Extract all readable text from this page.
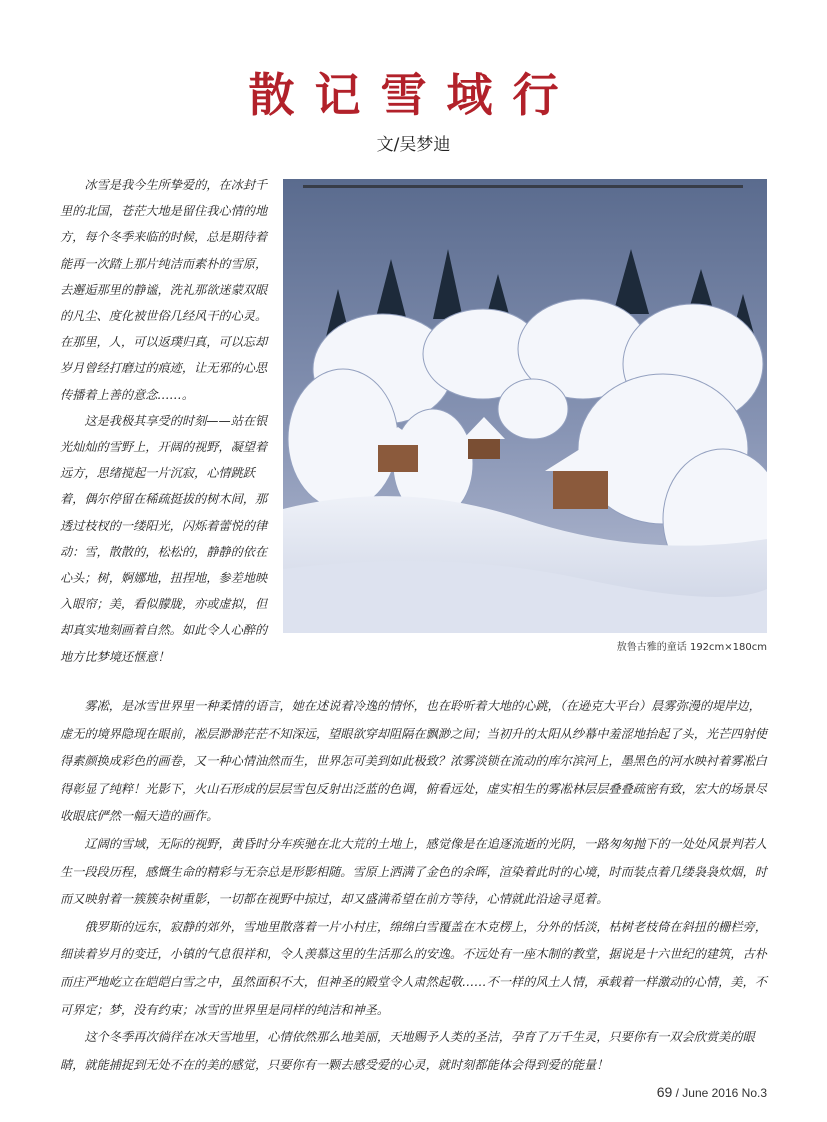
散记雪域行
文/吴梦迪

冰雪是我今生所挚爱的，在冰封千里的北国，苍茫大地是留住我心情的地方，每个冬季来临的时候，总是期待着能再一次踏上那片纯洁而素朴的雪原，去邂逅那里的静谧，洗礼那欲迷蒙双眼的凡尘、度化被世俗几经风干的心灵。在那里，人，可以返璞归真，可以忘却岁月曾经打磨过的痕迹，让无邪的心思传播着上善的意念……。

这是我极其享受的时刻——站在银光灿灿的雪野上，开阔的视野，凝望着远方，思绪搅起一片沉寂，心情跳跃着，偶尔停留在稀疏挺拔的树木间，那透过枝杈的一缕阳光，闪烁着蕾悦的律动：雪，散散的，松松的，静静的依在心头；树，婀娜地，扭捏地，参差地映入眼帘；美，看似朦胧，亦或虚拟，但却真实地刻画着自然。如此令人心醉的地方比梦境还惬意！

敖鲁古雅的童话 192cm×180cm

雾凇，是冰雪世界里一种柔情的语言，她在述说着冷逸的情怀，也在聆听着大地的心跳，（在逊克大平台）晨雾弥漫的堤岸边，虚无的境界隐现在眼前，凇层渺渺茫茫不知深远，望眼欲穿却阻隔在飘渺之间；当初升的太阳从纱幕中羞涩地抬起了头，光芒四射使得素颜换成彩色的画卷，又一种心情油然而生，世界怎可美到如此极致？浓雾淡锁在流动的库尔滨河上，墨黑色的河水映衬着雾凇白得彰显了纯粹！光影下，火山石形成的层层雪包反射出泛蓝的色调，俯看远处，虚实相生的雾凇林层层叠叠疏密有致，宏大的场景尽收眼底俨然一幅天造的画作。

辽阔的雪域，无际的视野，黄昏时分车疾驰在北大荒的土地上，感觉像是在追逐流逝的光阴，一路匆匆抛下的一处处风景判若人生一段段历程，感慨生命的精彩与无奈总是形影相随。雪原上洒满了金色的余晖，渲染着此时的心境，时而装点着几缕袅袅炊烟，时而又映射着一簇簇杂树重影，一切都在视野中掠过，却又盛满希望在前方等待，心情就此沿途寻觅着。

俄罗斯的远东，寂静的郊外，雪地里散落着一片小村庄，绵绵白雪覆盖在木克楞上，分外的恬淡，枯树老枝倚在斜扭的栅栏旁，细读着岁月的变迁，小镇的气息很祥和，令人羡慕这里的生活那么的安逸。不远处有一座木制的教堂，据说是十六世纪的建筑，古朴而庄严地屹立在皑皑白雪之中，虽然面积不大，但神圣的殿堂令人肃然起敬……不一样的风土人情，承载着一样激动的心情，美，不可界定；梦，没有约束；冰雪的世界里是同样的纯洁和神圣。

这个冬季再次徜徉在冰天雪地里，心情依然那么地美丽，天地赐予人类的圣洁，孕育了万千生灵，只要你有一双会欣赏美的眼睛，就能捕捉到无处不在的美的感觉，只要你有一颗去感受爱的心灵，就时刻都能体会得到爱的能量！

69 / June 2016 No.3
